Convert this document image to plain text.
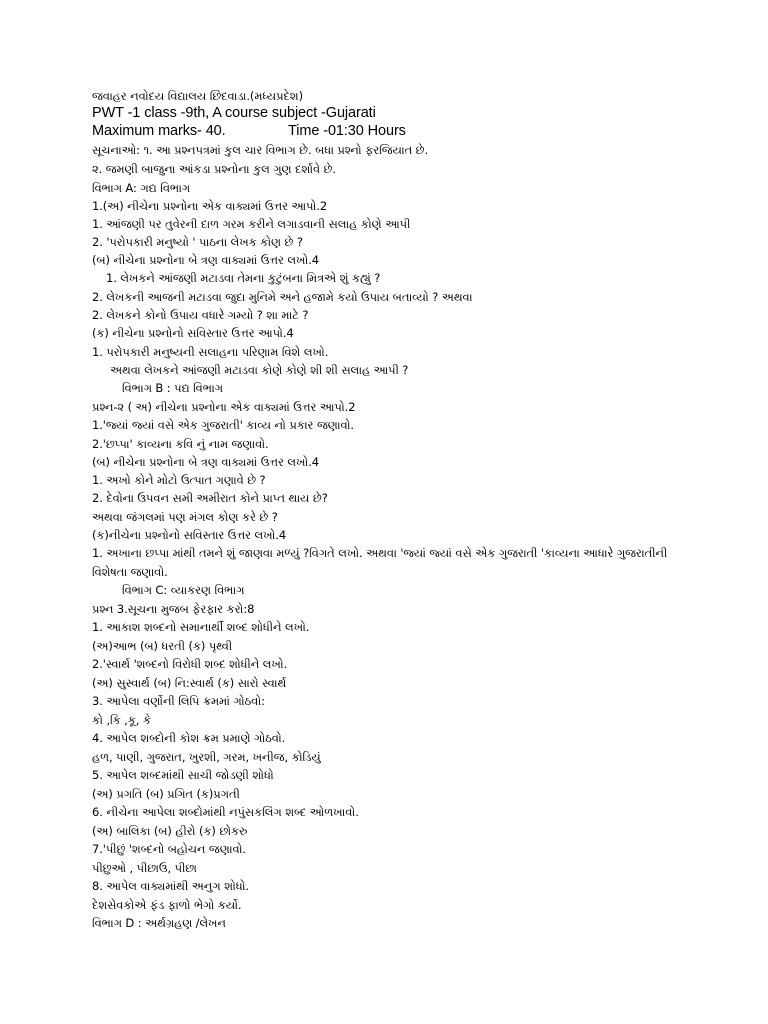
જવાહર નવોદય વિદ્યાલય છિંદવાડા.(મધ્યપ્રદેશ)
PWT -1 class -9th, A course subject -Gujarati
Maximum marks- 40.	Time -01:30 Hours
સૂચનાઓ: ૧. આ પ્રશ્નપત્રમાં કુલ ચાર વિભાગ છે. બધા પ્રશ્નો ફરજિયાત છે.
૨. જમણી બાજુના આંકડા પ્રશ્નોના કુલ ગુણ દર્શાવે છે.
વિભાગ A: ગદ્ય વિભાગ
1.(અ) નીચેના પ્રશ્નોના એક વાક્યમાં ઉત્તર આપો.2
1. આંજણી પર તુવેરની દાળ ગરમ કરીને લગાડવાની સલાહ કોણે આપી
2. 'પરોપકારી મનુષ્યો ' પાઠના લેખક કોણ છે ?
(બ) નીચેના પ્રશ્નોના બે ત્રણ વાક્યમાં ઉત્તર લખો.4
1. લેખકને આંજણી મટાડવા તેમના કુટુંબના મિત્રએ શું કહ્યું ?
2. લેખકની આજની મટાડવા જુદા મુનિમે અને હજામે કયો ઉપાય બતાવ્યો ? અથવા
2. લેખકને કોનો ઉપાય વધારે ગમ્યો ? શા માટે ?
(ક) નીચેના પ્રશ્નોનો સવિસ્તાર ઉત્તર આપો.4
1. પરોપકારી મનુષ્યની સલાહના પરિણામ વિશે લખો.
અથવા લેખકને આંજણી મટાડવા કોણે કોણે શી શી સલાહ આપી ?
વિભાગ B : પદ્ય વિભાગ
પ્રશ્ન-૨ ( અ) નીચેના પ્રશ્નોના એક વાક્યમાં ઉત્તર આપો.2
1.'જ્યાં જ્યાં વસે એક ગુજરાતી' કાવ્ય નો પ્રકાર જણાવો.
2.'છપ્પા' કાવ્યના કવિ નું નામ જણાવો.
(બ) નીચેના પ્રશ્નોના બે ત્રણ વાક્યમાં ઉત્તર લખો.4
1. અખો કોને મોટો ઉત્પાત ગણાવે છે ?
2. દેવોના ઉપવન સમી અમીરાત કોને પ્રાપ્ત થાય છે?
અથવા જંગલમાં પણ મંગલ કોણ કરે છે ?
(ક)નીચેના પ્રશ્નોનો સવિસ્તાર ઉત્તર લખો.4
1. અખાના છપ્પા માંથી તમને શું જાણવા મળ્યું ?વિગતે લખો. અથવા 'જ્યાં જ્યાં વસે એક ગુજરાતી 'કાવ્યના આધારે ગુજરાતીની
વિશેષતા જણાવો.
વિભાગ C: વ્યાકરણ વિભાગ
પ્રશ્ન 3.સૂચના મુજબ ફેરફાર કરો:8
1. આકાશ શબ્દનો સમાનાર્થી શબ્દ શોધીને લખો.
(અ)આભ (બ) ધરતી (ક) પૃથ્વી
2.'સ્વાર્થ 'શબ્દનો વિરોધી શબ્દ શોધીને લખો.
(અ) સુસ્વાર્થ (બ) નિ:સ્વાર્થ (ક) સારો સ્વાર્થ
3. આપેલા વર્ણોની લિપિ ક્રમમાં ગોઠવો:
કો ,કિ ,કૂ, કે
4. આપેલ શબ્દોની કોશ ક્રમ પ્રમાણે ગોઠવો.
હળ, પાણી, ગુજરાત, ખુરશી, ગરમ, ખનીજ, કોડિયું
5. આપેલ શબ્દમાંથી સાચી જોડણી શોધો
(અ) પ્રગતિ (બ) પ્રગિત (ક)પ્રગતી
6. નીચેના આપેલા શબ્દોમાંથી નપુંસકલિંગ શબ્દ ઓળખાવો.
(અ) બાલિકા (બ) હીરો (ક) છોકરુ
7.'પીછું 'શબ્દનો બહોચન જણાવો.
પીછુઓ , પીછાઉ, પીછા
8. આપેલ વાક્યમાંથી અનુગ શોધો.
દેશસેવકોએ ફંડ ફાળો ભેગો કર્યો.
વિભાગ D : અર્થગ્રહણ /લેખન
